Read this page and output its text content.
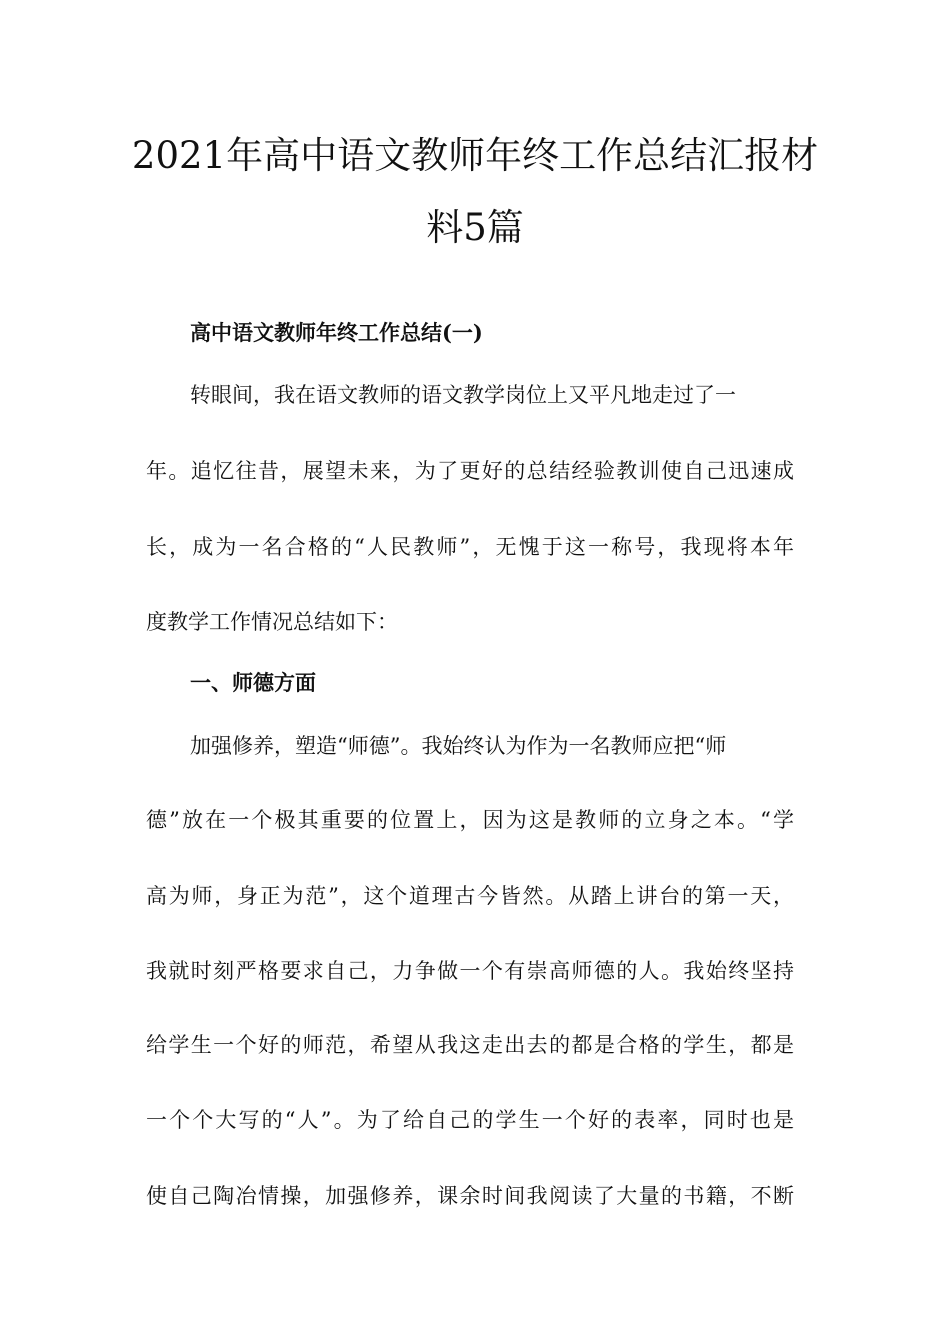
2021年高中语文教师年终工作总结汇报材
料5篇
高中语文教师年终工作总结(一)
转眼间，我在语文教师的语文教学岗位上又平凡地走过了一
年。追忆往昔，展望未来，为了更好的总结经验教训使自己迅速成
长，成为一名合格的“人民教师”，无愧于这一称号，我现将本年
度教学工作情况总结如下：
一、师德方面
加强修养，塑造“师德”。我始终认为作为一名教师应把“师
德”放在一个极其重要的位置上，因为这是教师的立身之本。“学
高为师，身正为范”，这个道理古今皆然。从踏上讲台的第一天，
我就时刻严格要求自己，力争做一个有崇高师德的人。我始终坚持
给学生一个好的师范，希望从我这走出去的都是合格的学生，都是
一个个大写的“人”。为了给自己的学生一个好的表率，同时也是
使自己陶冶情操，加强修养，课余时间我阅读了大量的书籍，不断
